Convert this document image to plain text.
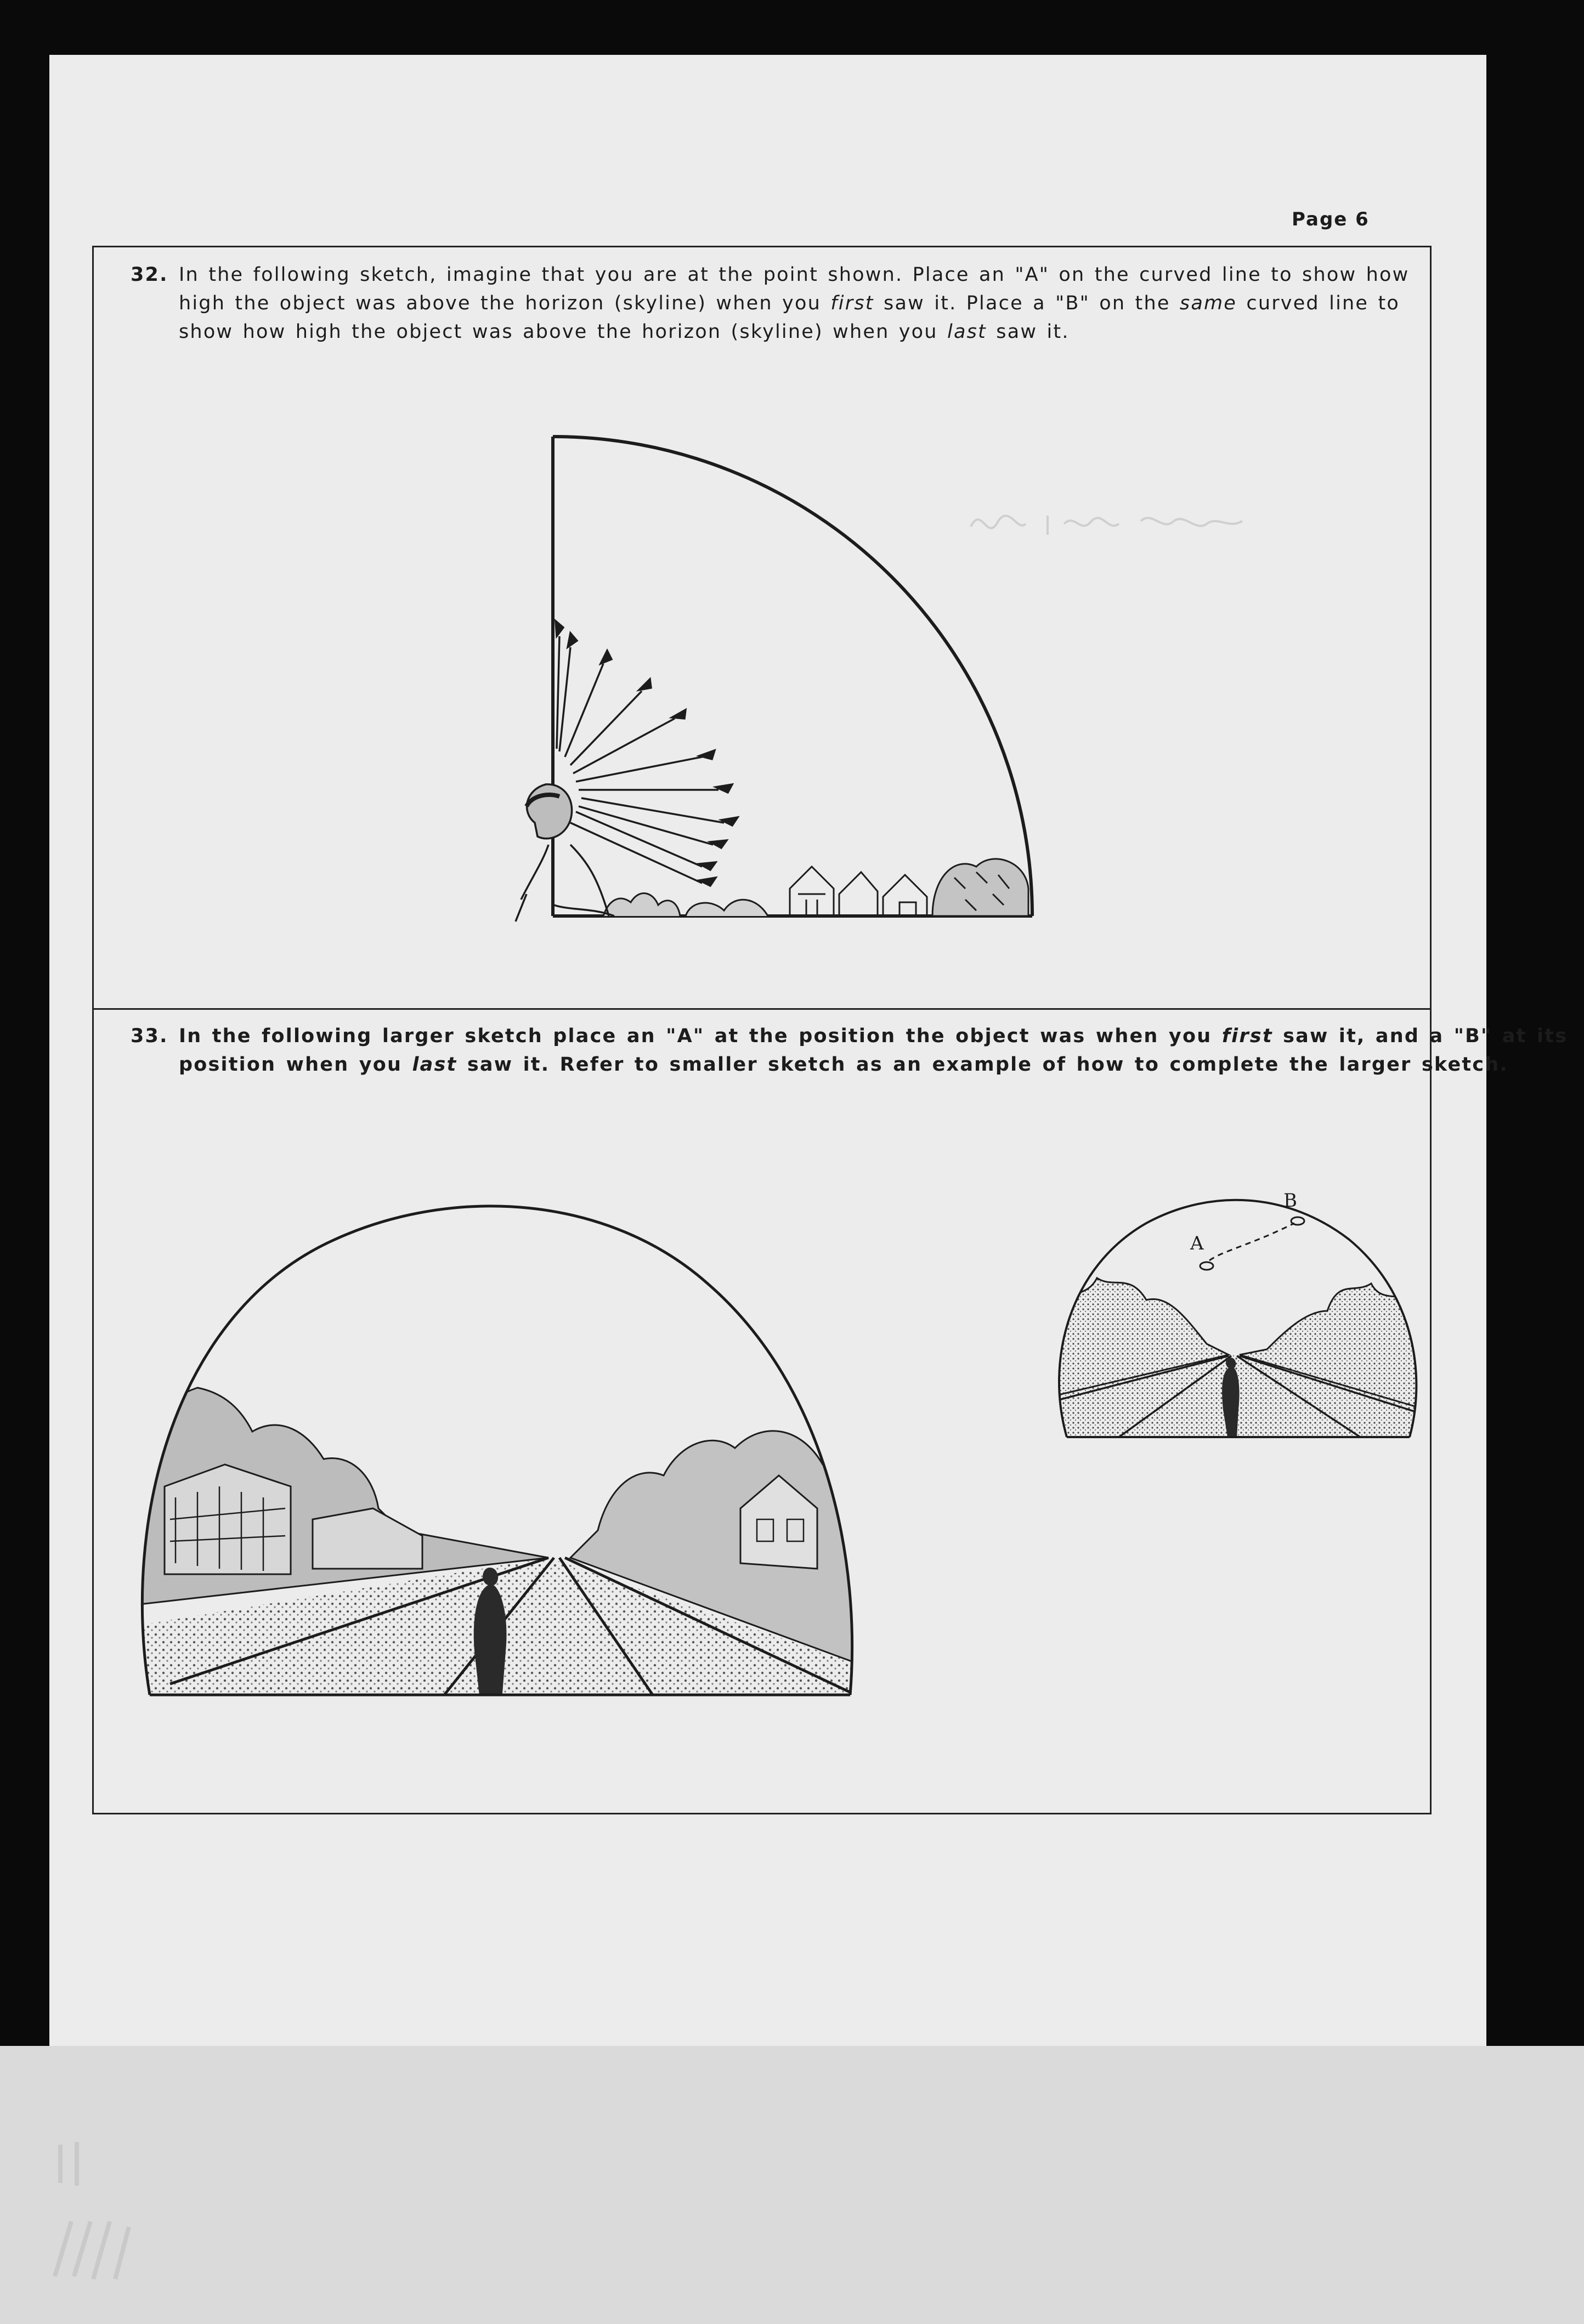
Page 6
32. In the following sketch, imagine that you are at the point shown. Place an "A" on the curved line to show how
high the object was above the horizon (skyline) when you first saw it. Place a "B" on the same curved line to
show how high the object was above the horizon (skyline) when you last saw it.
33. In the following larger sketch place an "A" at the position the object was when you first saw it, and a "B" at its
position when you last saw it. Refer to smaller sketch as an example of how to complete the larger sketch.
A
B
